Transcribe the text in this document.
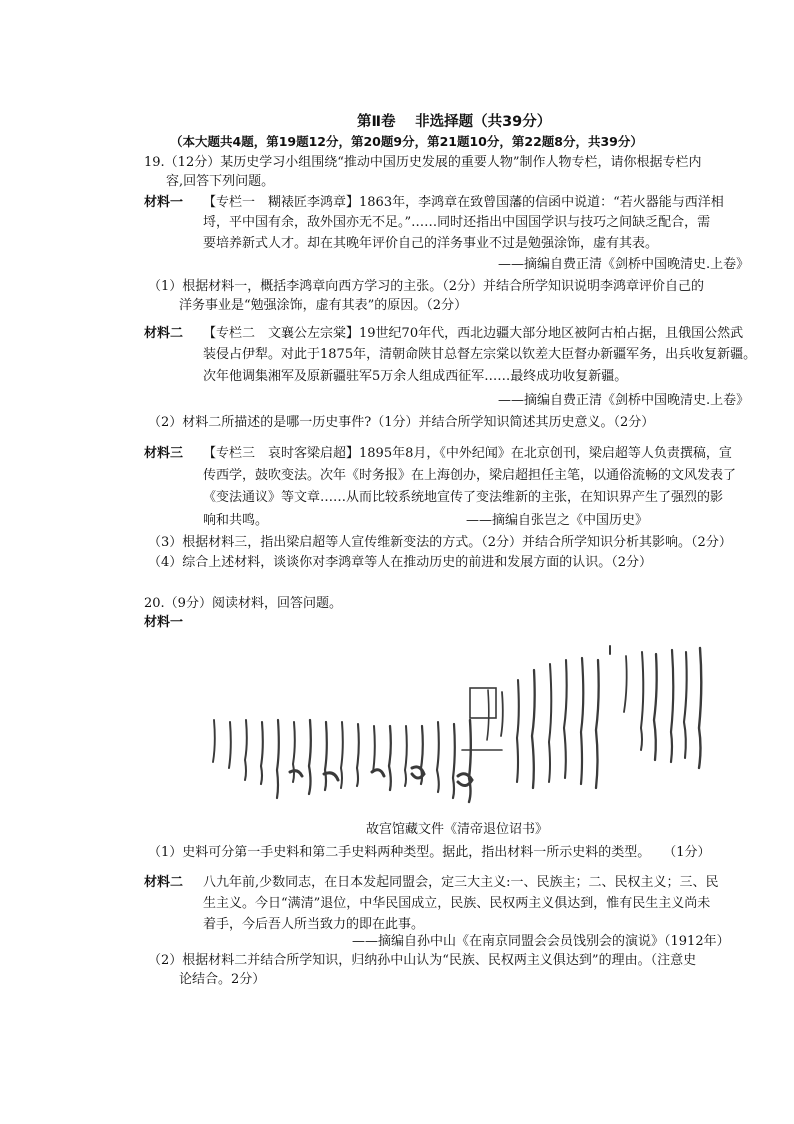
第Ⅱ卷　 非选择题（共39分）
（本大题共4题，第19题12分，第20题9分，第21题10分，第22题8分，共39分）
19.（12分）某历史学习小组围绕“推动中国历史发展的重要人物”制作人物专栏，请你根据专栏内
容,回答下列问题。
材料一 【专栏一　糊裱匠李鸿章】1863年，李鸿章在致曾国藩的信函中说道：“若火器能与西洋相
埒，平中国有余，敌外国亦无不足。”……同时还指出中国国学识与技巧之间缺乏配合，需
要培养新式人才。却在其晚年评价自己的洋务事业不过是勉强涂饰，虚有其表。
——摘编自费正清《剑桥中国晚清史.上卷》
（1）根据材料一，概括李鸿章向西方学习的主张。（2分）并结合所学知识说明李鸿章评价自己的
洋务事业是“勉强涂饰，虚有其表”的原因。（2分）
材料二 【专栏二　文襄公左宗棠】19世纪70年代，西北边疆大部分地区被阿古柏占据，且俄国公然武
装侵占伊犁。对此于1875年，清朝命陕甘总督左宗棠以钦差大臣督办新疆军务，出兵收复新疆。
次年他调集湘军及原新疆驻军5万余人组成西征军……最终成功收复新疆。
——摘编自费正清《剑桥中国晚清史.上卷》
（2）材料二所描述的是哪一历史事件?（1分）并结合所学知识简述其历史意义。（2分）
材料三 【专栏三　哀时客梁启超】1895年8月，《中外纪闻》在北京创刊，梁启超等人负责撰稿，宣
传西学，鼓吹变法。次年《时务报》在上海创办，梁启超担任主笔，以通俗流畅的文风发表了
《变法通议》等文章……从而比较系统地宣传了变法维新的主张，在知识界产生了强烈的影
响和共鸣。	——摘编自张岂之《中国历史》
（3）根据材料三，指出梁启超等人宣传维新变法的方式。（2分）并结合所学知识分析其影响。（2分）
（4）综合上述材料，谈谈你对李鸿章等人在推动历史的前进和发展方面的认识。（2分）
20.（9分）阅读材料，回答问题。
材料一
故宫馆藏文件《清帝退位诏书》
（1）史料可分第一手史料和第二手史料两种类型。据此，指出材料一所示史料的类型。　　（1分）
材料二 八九年前,少数同志，在日本发起同盟会，定三大主义:一、民族主；二、民权主义；三、民
生主义。今日“满清”退位，中华民国成立，民族、民权两主义俱达到，惟有民生主义尚未
着手，今后吾人所当致力的即在此事。
——摘编自孙中山《在南京同盟会会员饯别会的演说》（1912年）
（2）根据材料二并结合所学知识，归纳孙中山认为“民族、民权两主义俱达到”的理由。（注意史
论结合。2分）
